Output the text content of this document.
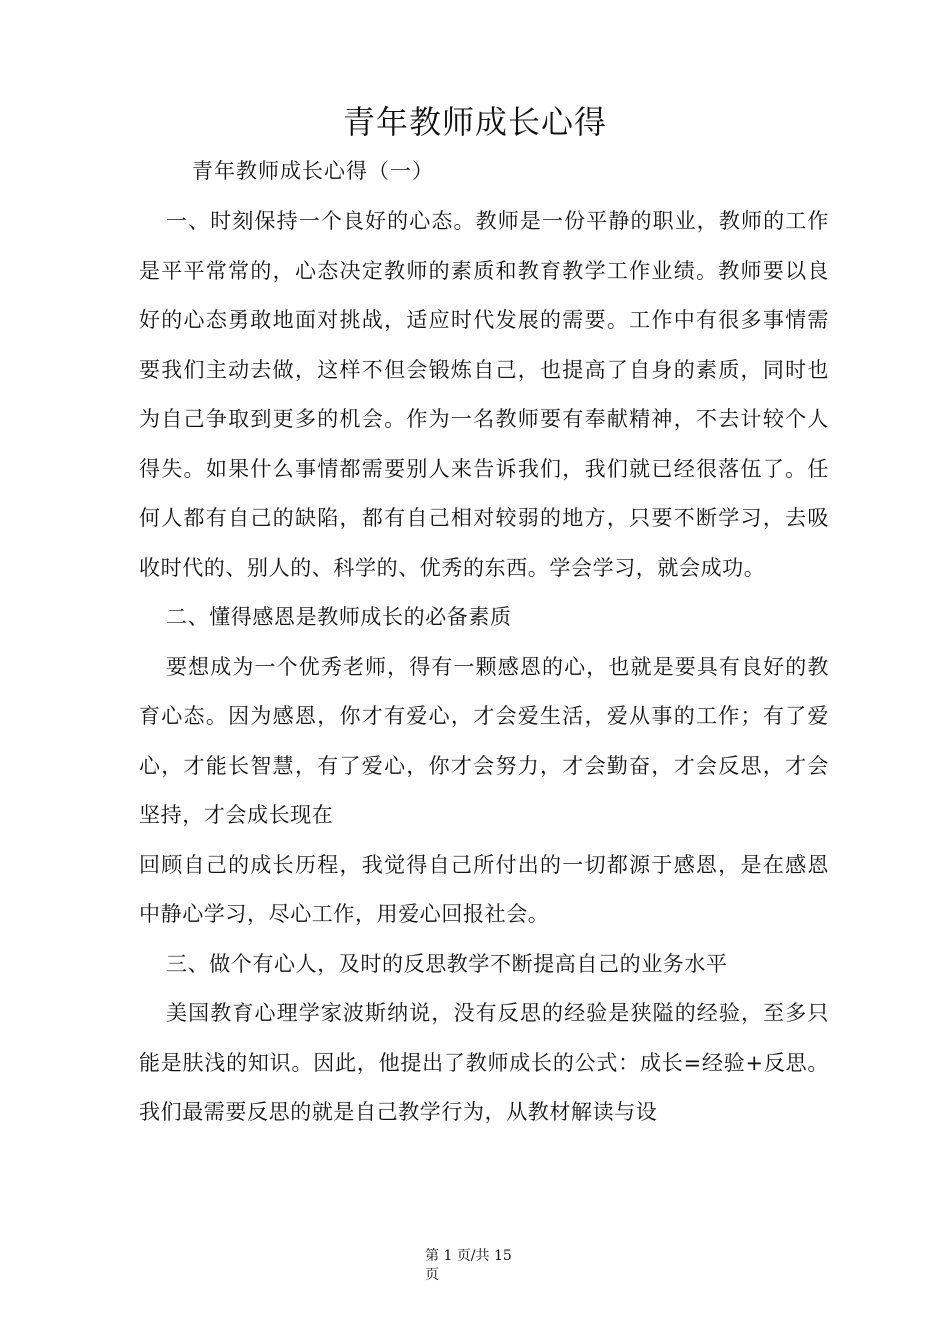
青年教师成长心得

青年教师成长心得（一）

一、时刻保持一个良好的心态。教师是一份平静的职业，教师的工作是平平常常的，心态决定教师的素质和教育教学工作业绩。教师要以良好的心态勇敢地面对挑战，适应时代发展的需要。工作中有很多事情需要我们主动去做，这样不但会锻炼自己，也提高了自身的素质，同时也为自己争取到更多的机会。作为一名教师要有奉献精神，不去计较个人得失。如果什么事情都需要别人来告诉我们，我们就已经很落伍了。任何人都有自己的缺陷，都有自己相对较弱的地方，只要不断学习，去吸收时代的、别人的、科学的、优秀的东西。学会学习，就会成功。

二、懂得感恩是教师成长的必备素质

要想成为一个优秀老师，得有一颗感恩的心，也就是要具有良好的教育心态。因为感恩，你才有爱心，才会爱生活，爱从事的工作；有了爱心，才能长智慧，有了爱心，你才会努力，才会勤奋，才会反思，才会坚持，才会成长现在

回顾自己的成长历程，我觉得自己所付出的一切都源于感恩，是在感恩中静心学习，尽心工作，用爱心回报社会。

三、做个有心人，及时的反思教学不断提高自己的业务水平

美国教育心理学家波斯纳说，没有反思的经验是狭隘的经验，至多只能是肤浅的知识。因此，他提出了教师成长的公式：成长=经验+反思。我们最需要反思的就是自己教学行为，从教材解读与设

第 1 页/共 15
页
